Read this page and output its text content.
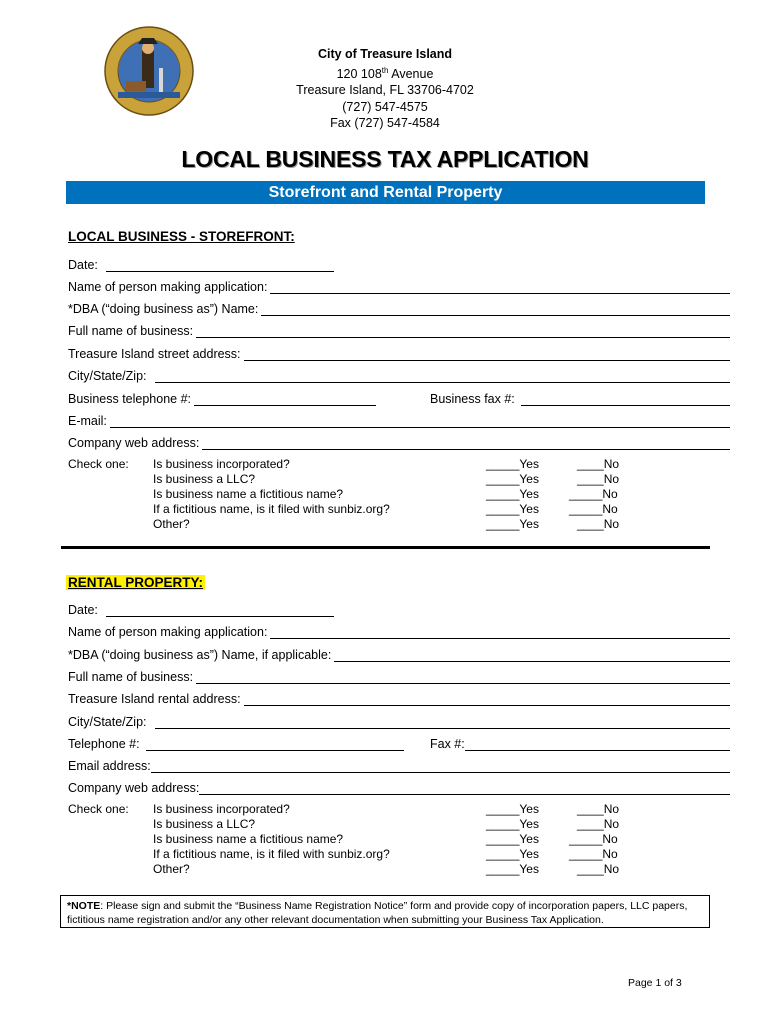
City of Treasure Island
120 108th Avenue
Treasure Island, FL 33706-4702
(727) 547-4575
Fax (727) 547-4584
LOCAL BUSINESS TAX APPLICATION
Storefront and Rental Property
LOCAL BUSINESS - STOREFRONT:
Date:
Name of person making application:
*DBA (“doing business as”) Name:
Full name of business:
Treasure Island street address:
City/State/Zip:
Business telephone #:	Business fax #:
E-mail:
Company web address:
Check one: Is business incorporated?	_____Yes	____No
Is business a LLC?	_____Yes	____No
Is business name a fictitious name?	_____Yes	_____No
If a fictitious name, is it filed with sunbiz.org?	_____Yes	_____No
Other?	_____Yes	____No
RENTAL PROPERTY:
Date:
Name of person making application:
*DBA (“doing business as”) Name, if applicable:
Full name of business:
Treasure Island rental address:
City/State/Zip:
Telephone #:	Fax #:
Email address:
Company web address:
Check one: Is business incorporated?	_____Yes	____No
Is business a LLC?	_____Yes	____No
Is business name a fictitious name?	_____Yes	_____No
If a fictitious name, is it filed with sunbiz.org?	_____Yes	_____No
Other?	_____Yes	____No
*NOTE: Please sign and submit the “Business Name Registration Notice” form and provide copy of incorporation papers, LLC papers, fictitious name registration and/or any other relevant documentation when submitting your Business Tax Application.
Page 1 of 3
